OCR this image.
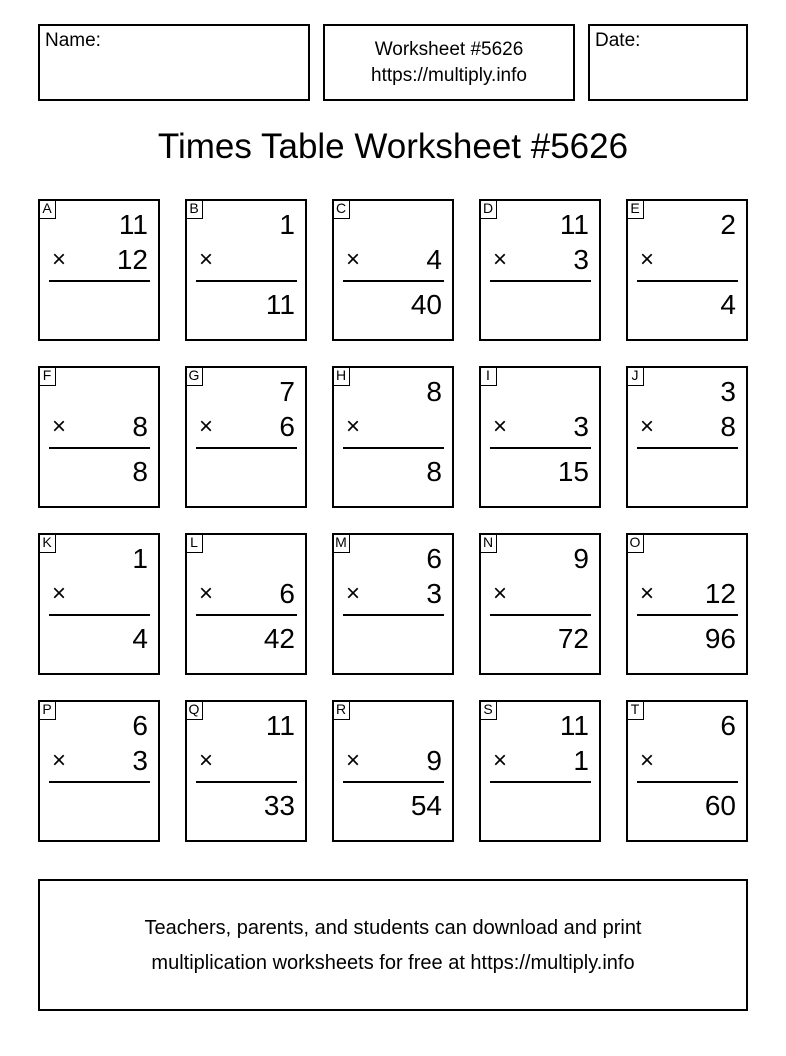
Name:	Worksheet #5626
https://multiply.info
Date:
Times Table Worksheet #5626
A
11
× 12
B
1
×
11
C
× 4
40
D
11
× 3
E
2
×
4
F
× 8
8
G
7
× 6
H
8
×
8
I
× 3
15
J
3
× 8
K
1
×
4
L
× 6
42
M
6
× 3
N
9
×
72
O
× 12
96
P
6
× 3
Q
11
×
33
R
× 9
54
S
11
× 1
T
6
×
60
Teachers, parents, and students can download and print
multiplication worksheets for free at https://multiply.info
